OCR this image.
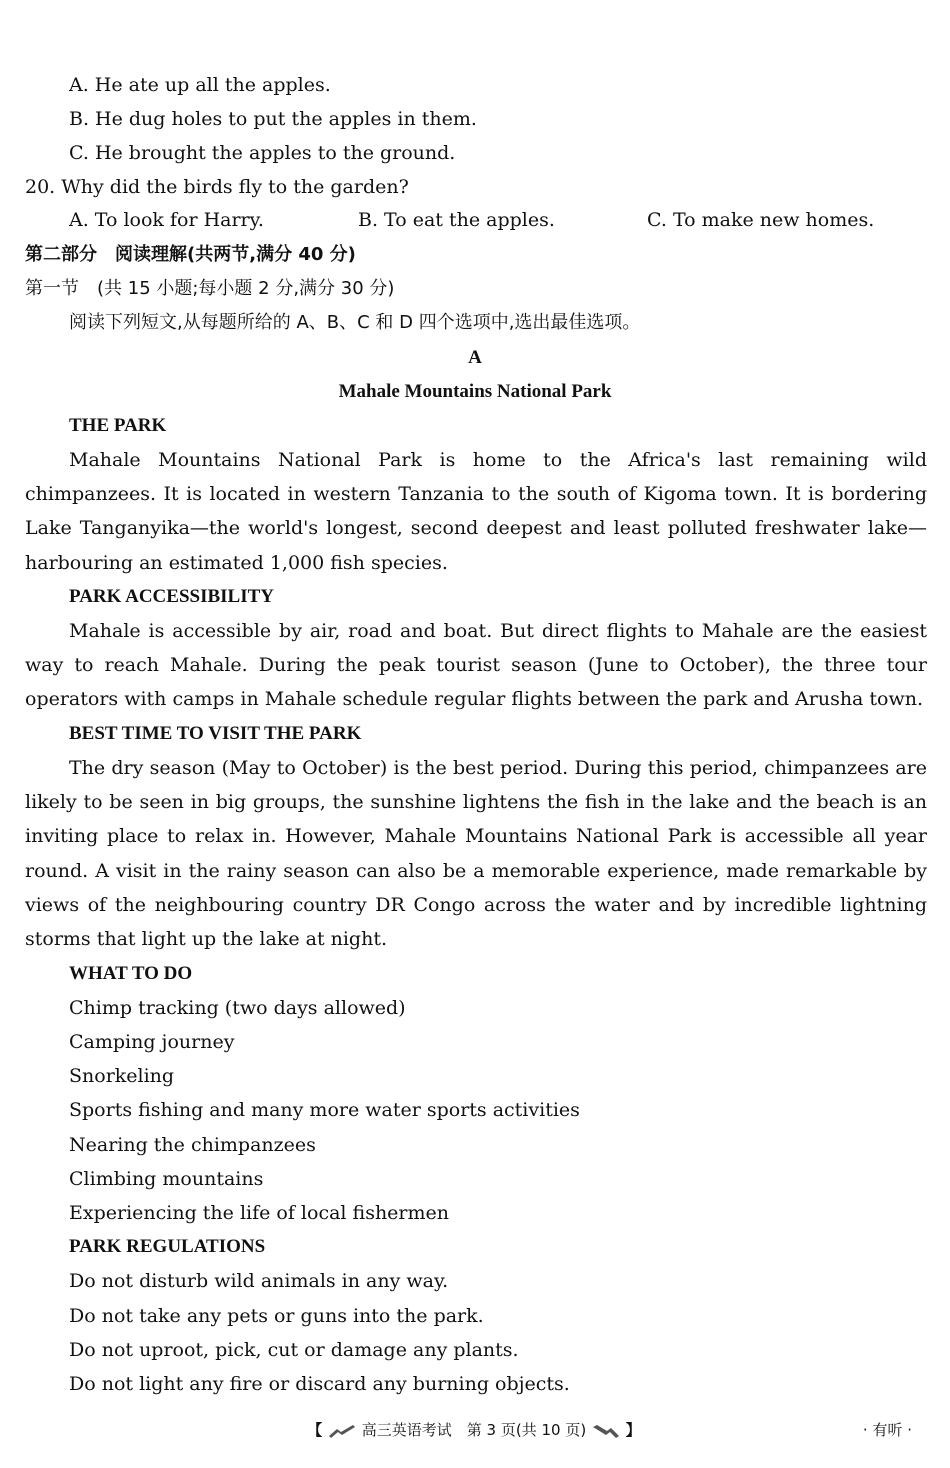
A. He ate up all the apples.
B. He dug holes to put the apples in them.
C. He brought the apples to the ground.
20. Why did the birds fly to the garden?
A. To look for Harry.	B. To eat the apples.	C. To make new homes.
第二部分　阅读理解(共两节,满分 40 分)
第一节　(共 15 小题;每小题 2 分,满分 30 分)
阅读下列短文,从每题所给的 A、B、C 和 D 四个选项中,选出最佳选项。
A
Mahale Mountains National Park
THE PARK
Mahale Mountains National Park is home to the Africa's last remaining wild chimpanzees. It is located in western Tanzania to the south of Kigoma town. It is bordering Lake Tanganyika—the world's longest, second deepest and least polluted freshwater lake—harbouring an estimated 1,000 fish species.
PARK ACCESSIBILITY
Mahale is accessible by air, road and boat. But direct flights to Mahale are the easiest way to reach Mahale. During the peak tourist season (June to October), the three tour operators with camps in Mahale schedule regular flights between the park and Arusha town.
BEST TIME TO VISIT THE PARK
The dry season (May to October) is the best period. During this period, chimpanzees are likely to be seen in big groups, the sunshine lightens the fish in the lake and the beach is an inviting place to relax in. However, Mahale Mountains National Park is accessible all year round. A visit in the rainy season can also be a memorable experience, made remarkable by views of the neighbouring country DR Congo across the water and by incredible lightning storms that light up the lake at night.
WHAT TO DO
Chimp tracking (two days allowed)
Camping journey
Snorkeling
Sports fishing and many more water sports activities
Nearing the chimpanzees
Climbing mountains
Experiencing the life of local fishermen
PARK REGULATIONS
Do not disturb wild animals in any way.
Do not take any pets or guns into the park.
Do not uproot, pick, cut or damage any plants.
Do not light any fire or discard any burning objects.
【	高三英语考试　第 3 页(共 10 页)	】	· 有听 ·
